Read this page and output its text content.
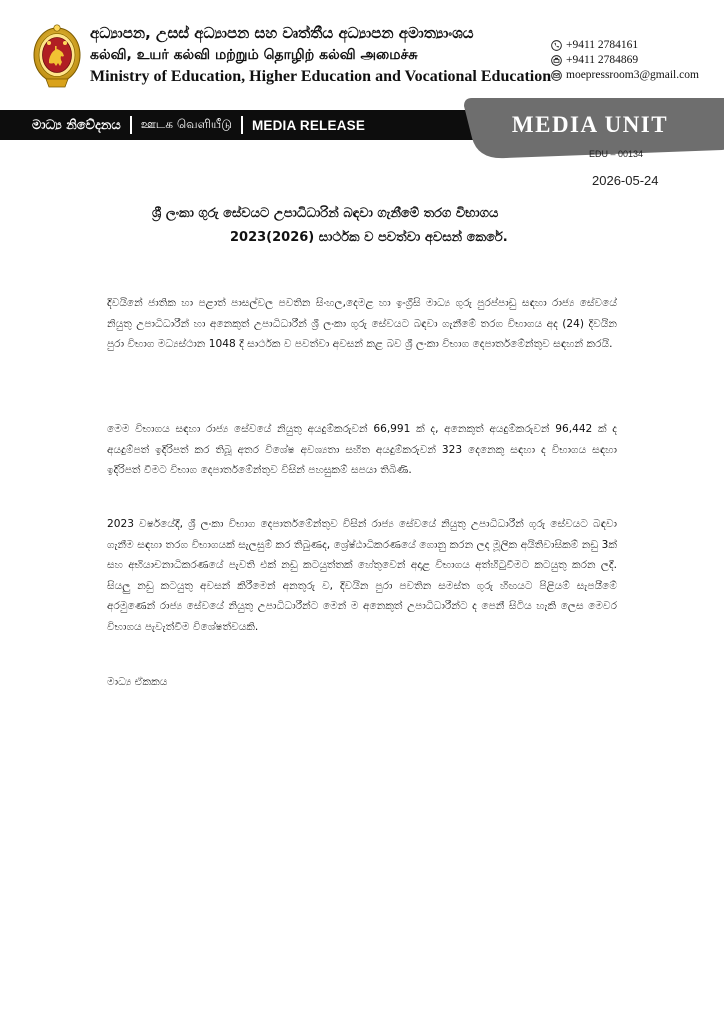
අධ්‍යාපන, උසස් අධ්‍යාපන සහ වෘත්තීය අධ්‍යාපන අමාත්‍යාංශය
கல்வி, உயர் கல்வி மற்றும் தொழிற் கல்வி அமைச்சு
Ministry of Education, Higher Education and Vocational Education
+9411 2784161
+9411 2784869
moepressroom3@gmail.com
මාධ්‍ය නිවේදනය ஊடக வெளியீடு MEDIA RELEASE	MEDIA UNIT
EDU – 00134
2026-05-24
ශ්‍රී ලංකා ගුරු සේවයට උපාධිධාරින් බඳවා ගැනීමේ තරග විභාගය
2023(2026) සාර්ථක ව පවත්වා අවසන් කෙරේ.

දිවයිනේ ජාතික හා පළාත් පාසල්වල පවතින සිංහල,දෙමළ හා ඉංග්‍රීසි මාධ්‍ය ගුරු පුරප්පාඩු සඳහා රාජ්‍ය සේවයේ නියුතු උපාධිධාරීන් හා අනෙකුත් උපාධිධාරීන් ශ්‍රී ලංකා ගුරු සේවයට බඳවා ගැනීමේ තරග විභාගය අද (24) දිවයින පුරා විභාග මධ්‍යස්ථාන 1048 දී සාර්ථක ව පවත්වා අවසන් කළ බව ශ්‍රී ලංකා විභාග දෙපාර්තමේන්තුව සඳහන් කරයි.

මෙම විභාගය සඳහා රාජ්‍ය සේවයේ නියුතු අයදුම්කරුවන් 66,991 ක් ද, අනෙකුත් අයදුම්කරුවන් 96,442 ක් ද අයදුම්පත් ඉදිරිපත් කර තිබූ අතර විශේෂ අවශ්‍යතා සහිත අයදුම්කරුවන් 323 දෙනෙකු සඳහා ද විභාගය සඳහා ඉදිරිපත් වීමට විභාග දෙපාර්තමේන්තුව විසින් පහසුකම් සපයා තිබිණි.

2023 වර්ෂයේදී, ශ්‍රී ලංකා විභාග දෙපාර්තමේන්තුව විසින් රාජ්‍ය සේවයේ නියුතු උපාධිධාරීන් ගුරු සේවයට බඳවා ගැනීම සඳහා තරග විභාගයක් සැලසුම් කර තිබුණද, ශ්‍රේෂ්ඨාධිකරණයේ ගොනු කරන ලද මූලික අයිතිවාසිකම් නඩු 3ක් සහ අභියාචනාධිකරණයේ පැවති එක් නඩු කටයුත්තක් හේතුවෙන් අදාළ විභාගය අත්හිටුවීමට කටයුතු කරන ලදී. සියලු නඩු කටයුතු අවසන් කිරීමෙන් අනතුරු ව, දිවයින පුරා පවතින සමස්ත ගුරු හිඟයට පිළියම් සැපයීමේ අරමුණෙන් රාජ්‍ය සේවයේ නියුතු උපාධිධාරීන්ට මෙන් ම අනෙකුත් උපාධිධාරීන්ට ද පෙනී සිටිය හැකි ලෙස මෙවර විභාගය පැවැත්වීම විශේෂත්වයකි.

මාධ්‍ය ඒකකය
